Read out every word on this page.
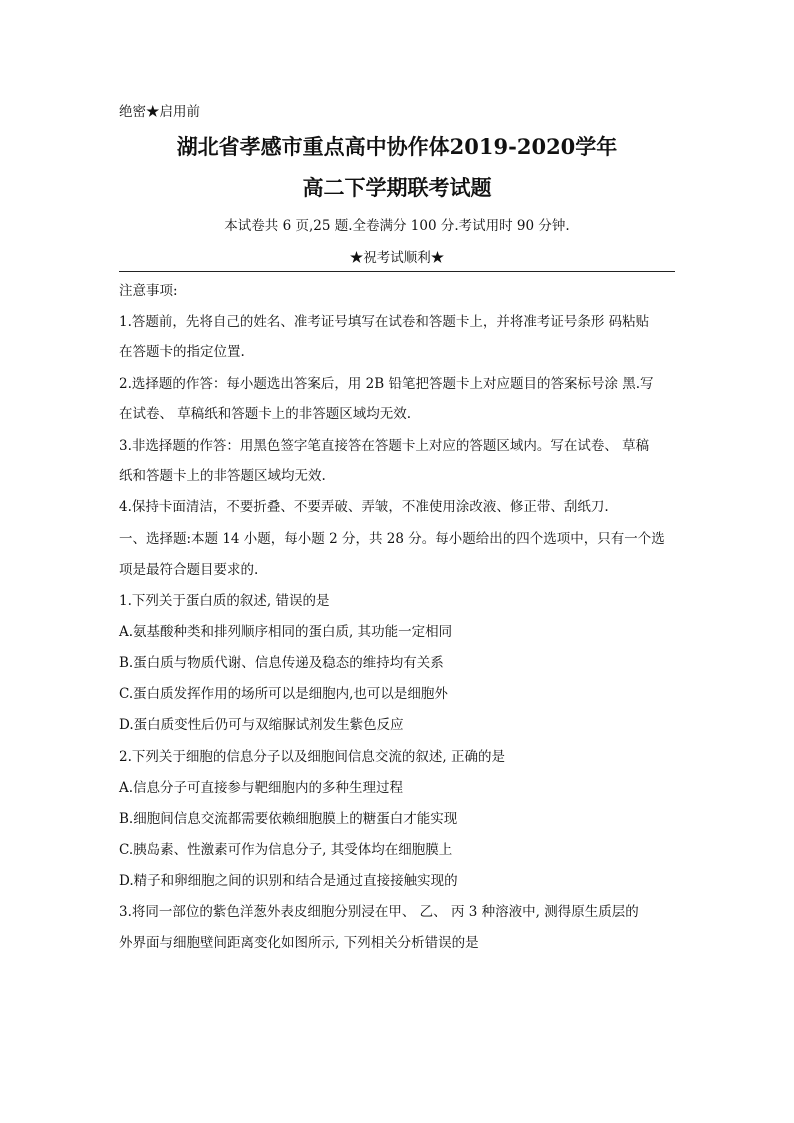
绝密★启用前
湖北省孝感市重点高中协作体2019-2020学年
高二下学期联考试题
本试卷共 6 页,25 题.全卷满分 100 分.考试用时 90 分钟.
★祝考试顺利★
注意事项:
1.答题前，先将自己的姓名、准考证号填写在试卷和答题卡上，并将准考证号条形 码粘贴
在答题卡的指定位置.
2.选择题的作答：每小题选出答案后，用 2B 铅笔把答题卡上对应题目的答案标号涂 黑.写
在试卷、 草稿纸和答题卡上的非答题区域均无效.
3.非选择题的作答：用黑色签字笔直接答在答题卡上对应的答题区域内。写在试卷、 草稿
纸和答题卡上的非答题区域均无效.
4.保持卡面清洁，不要折叠、不要弄破、弄皱，不准使用涂改液、修正带、刮纸刀.
一、选择题:本题 14 小题，每小题 2 分，共 28 分。每小题给出的四个选项中，只有一个选
项是最符合题目要求的.
1.下列关于蛋白质的叙述, 错误的是
A.氨基酸种类和排列顺序相同的蛋白质, 其功能一定相同
B.蛋白质与物质代谢、信息传递及稳态的维持均有关系
C.蛋白质发挥作用的场所可以是细胞内,也可以是细胞外
D.蛋白质变性后仍可与双缩脲试剂发生紫色反应
2.下列关于细胞的信息分子以及细胞间信息交流的叙述, 正确的是
A.信息分子可直接参与靶细胞内的多种生理过程
B.细胞间信息交流都需要依赖细胞膜上的糖蛋白才能实现
C.胰岛素、性激素可作为信息分子, 其受体均在细胞膜上
D.精子和卵细胞之间的识别和结合是通过直接接触实现的
3.将同一部位的紫色洋葱外表皮细胞分别浸在甲、 乙、 丙 3 种溶液中, 测得原生质层的
外界面与细胞壁间距离变化如图所示, 下列相关分析错误的是
